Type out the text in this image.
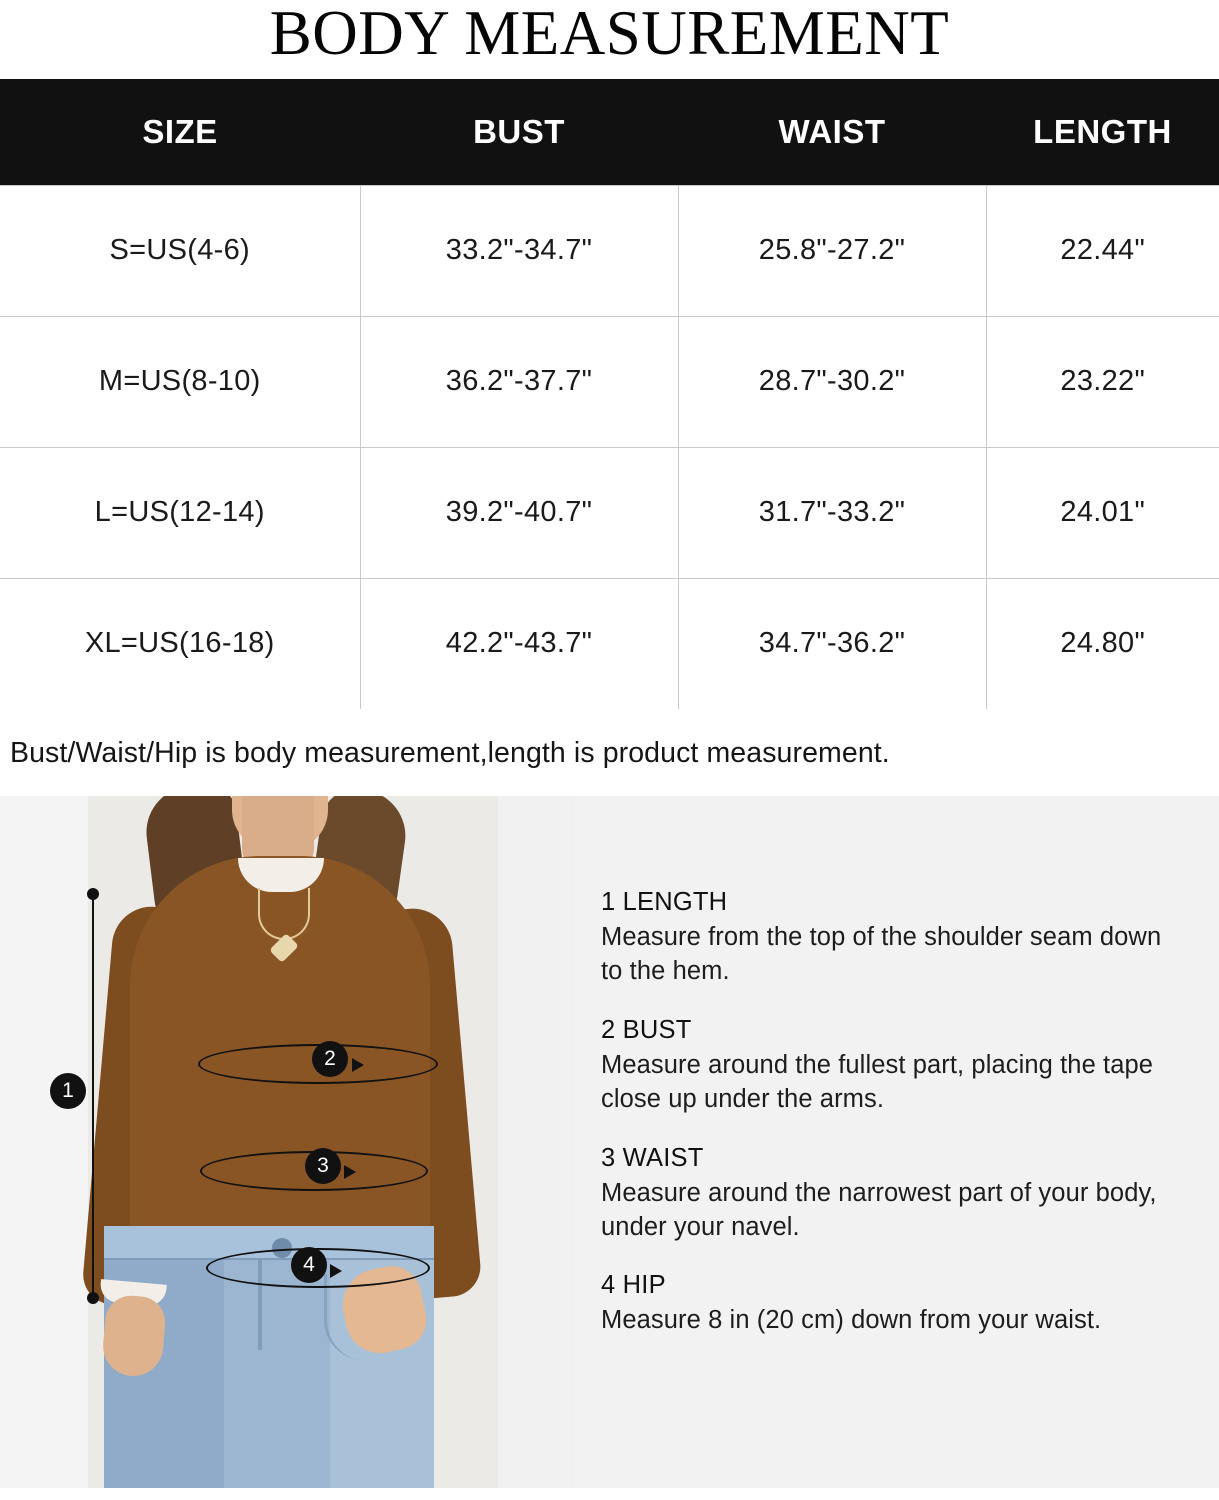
BODY MEASUREMENT
SIZE	BUST	WAIST	LENGTH
S=US(4-6)	33.2"-34.7"	25.8"-27.2"	22.44"
M=US(8-10)	36.2"-37.7"	28.7"-30.2"	23.22"
L=US(12-14)	39.2"-40.7"	31.7"-33.2"	24.01"
XL=US(16-18)	42.2"-43.7"	34.7"-36.2"	24.80"
Bust/Waist/Hip is body measurement,length is product measurement.
1
2
3
4
1 LENGTH
Measure from the top of the shoulder seam down to the hem.
2 BUST
Measure around the fullest part, placing the tape close up under the arms.
3 WAIST
Measure around the narrowest part of your body, under your navel.
4 HIP
Measure 8 in (20 cm) down from your waist.
